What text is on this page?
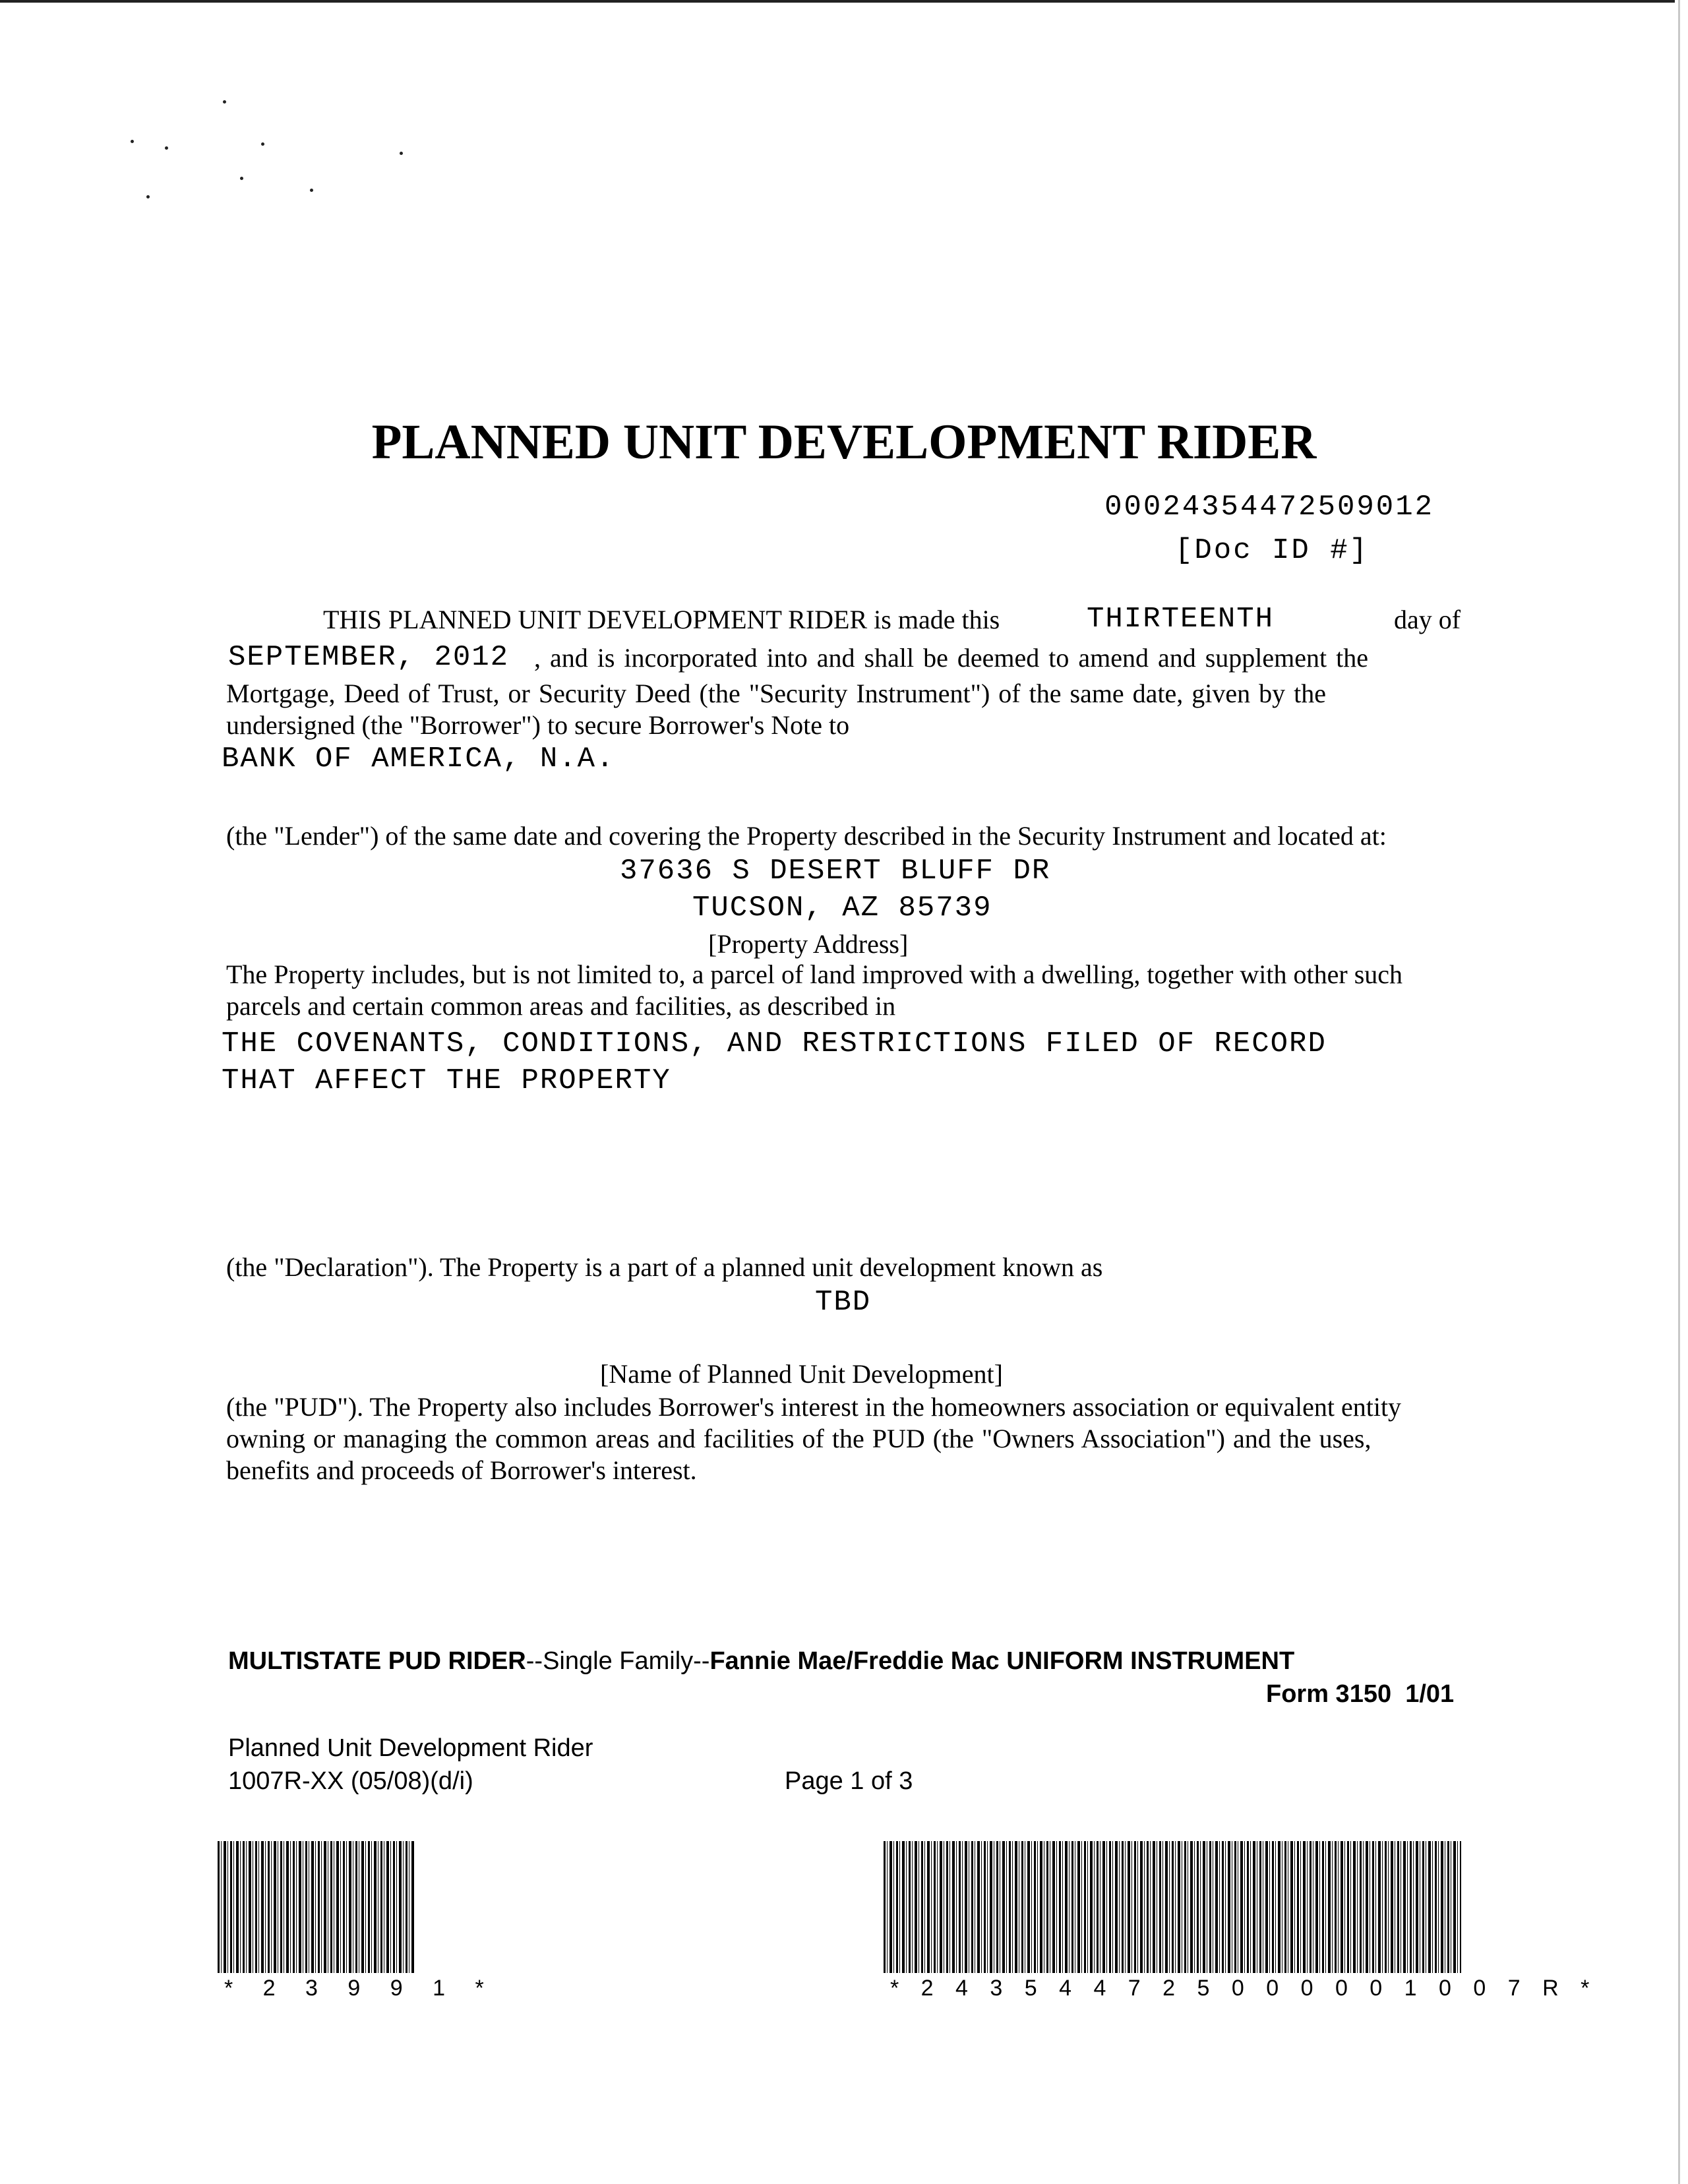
PLANNED UNIT DEVELOPMENT RIDER
00024354472509012
[Doc ID #]
THIS PLANNED UNIT DEVELOPMENT RIDER is made this	THIRTEENTH	day of
SEPTEMBER, 2012 , and is incorporated into and shall be deemed to amend and supplement the
Mortgage, Deed of Trust, or Security Deed (the "Security Instrument") of the same date, given by the
undersigned (the "Borrower") to secure Borrower's Note to
BANK OF AMERICA, N.A.
(the "Lender") of the same date and covering the Property described in the Security Instrument and located at:
37636 S DESERT BLUFF DR
TUCSON, AZ 85739
[Property Address]
The Property includes, but is not limited to, a parcel of land improved with a dwelling, together with other such
parcels and certain common areas and facilities, as described in
THE COVENANTS, CONDITIONS, AND RESTRICTIONS FILED OF RECORD
THAT AFFECT THE PROPERTY
(the "Declaration"). The Property is a part of a planned unit development known as
TBD
[Name of Planned Unit Development]
(the "PUD"). The Property also includes Borrower's interest in the homeowners association or equivalent entity
owning or managing the common areas and facilities of the PUD (the "Owners Association") and the uses,
benefits and proceeds of Borrower's interest.
MULTISTATE PUD RIDER--Single Family--Fannie Mae/Freddie Mac UNIFORM INSTRUMENT
Form 3150  1/01
Planned Unit Development Rider
1007R-XX (05/08)(d/i)	Page 1 of 3
* 2 3 9 9 1 *	* 2 4 3 5 4 4 7 2 5 0 0 0 0 0 1 0 0 7 R *
